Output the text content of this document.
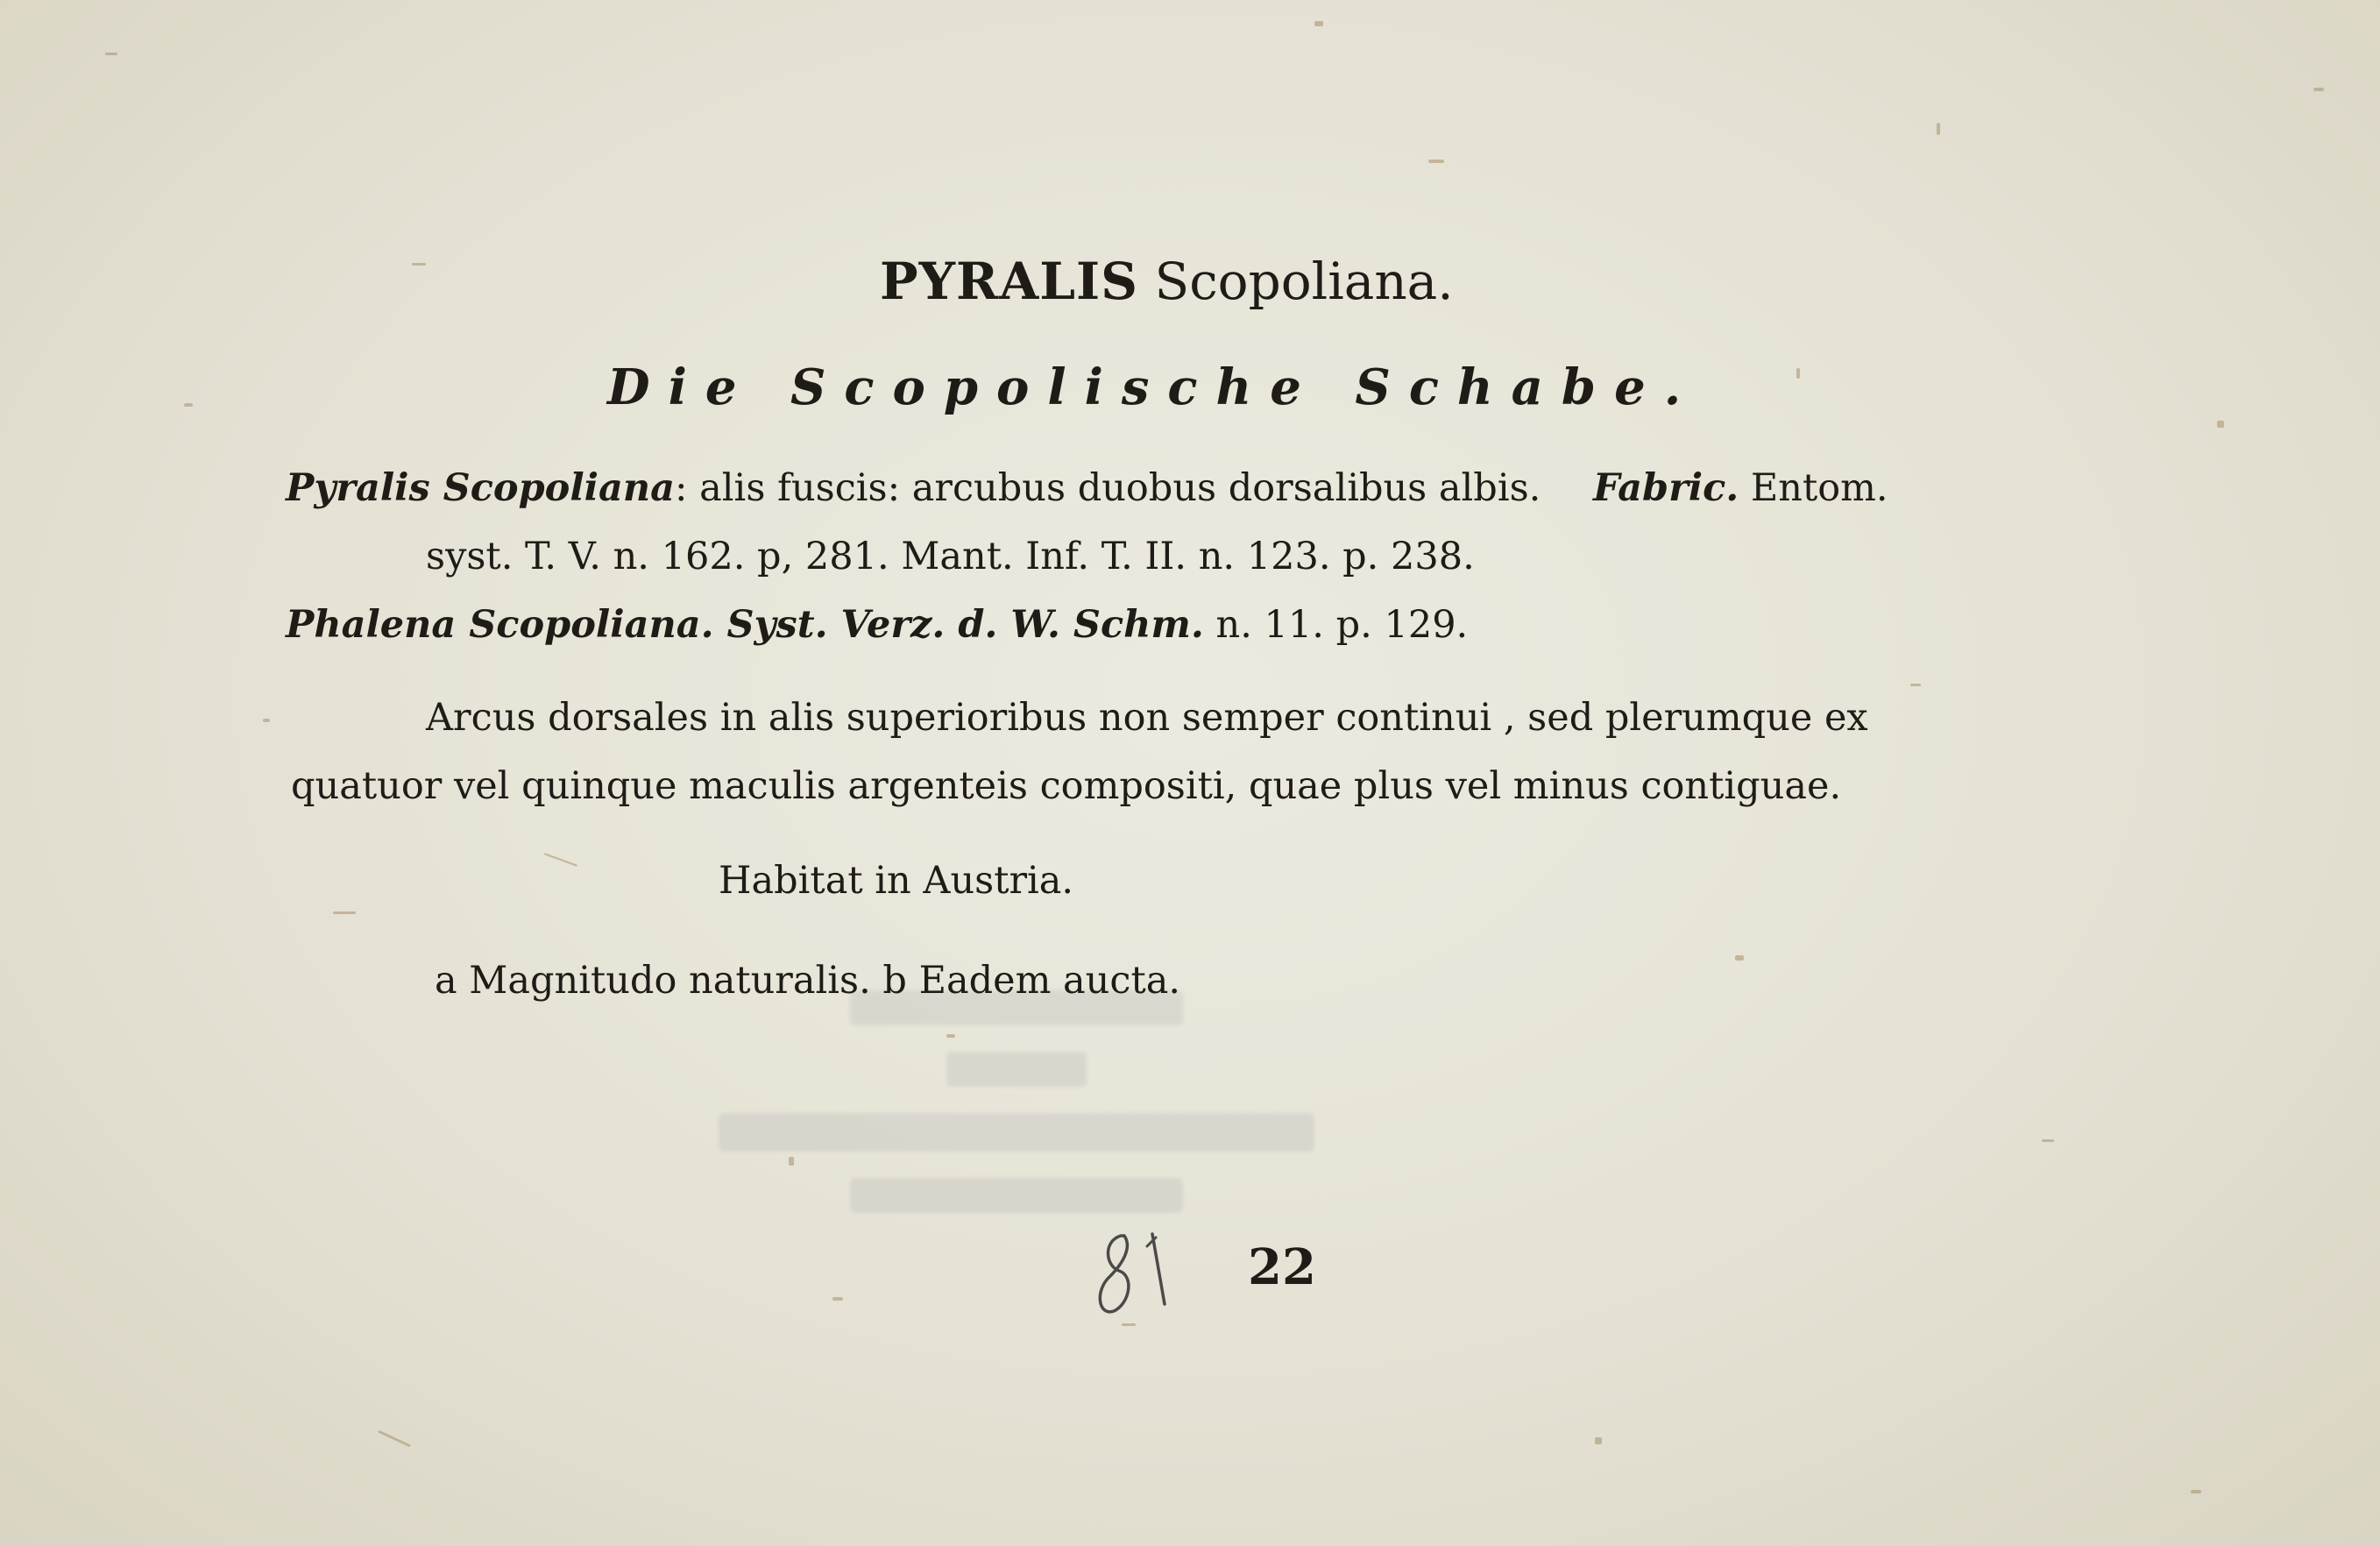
PYRALIS Scopoliana.
Die Scopolische Schabe.
Pyralis Scopoliana: alis fuscis: arcubus duobus dorsalibus albis. Fabric. Entom.
syst. T. V. n. 162. p, 281. Mant. Inf. T. II. n. 123. p. 238.
Phalena Scopoliana. Syst. Verz. d. W. Schm. n. 11. p. 129.
Arcus dorsales in alis superioribus non semper continui , sed plerumque ex
quatuor vel quinque maculis argenteis compositi, quae plus vel minus contiguae.
Habitat in Austria.
a Magnitudo naturalis. b Eadem aucta.
22
